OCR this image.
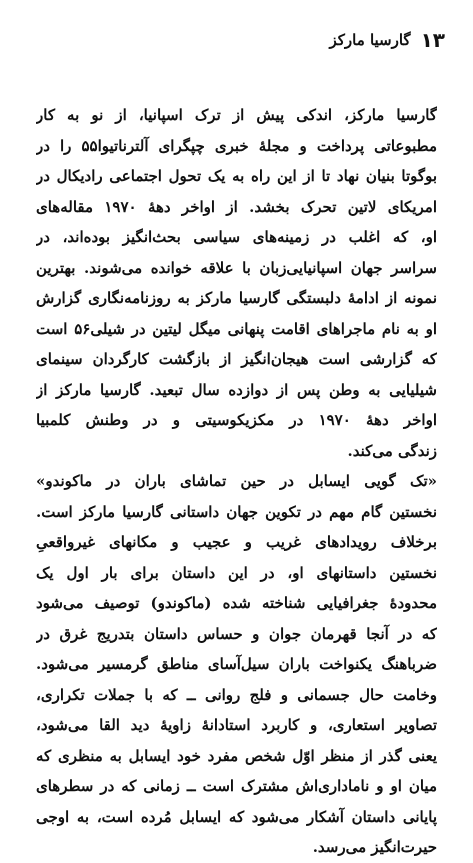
۱۳
گارسیا مارکز
گارسیا مارکز، اندکی پیش از ترک اسپانیا، از نو به کار
مطبوعاتی پرداخت و مجلهٔ خبری چپگرای آلترناتیوا۵۵ را در
بوگوتا بنیان نهاد تا از این راه به یک تحول اجتماعی رادیکال در
امریکای لاتین تحرک بخشد. از اواخر دههٔ ۱۹۷۰ مقاله‌های
او، که اغلب در زمینه‌های سیاسی بحث‌انگیز بوده‌اند، در
سراسر جهان اسپانیایی‌زبان با علاقه خوانده می‌شوند. بهترین
نمونه از ادامهٔ دلبستگی گارسیا مارکز به روزنامه‌نگاری گزارش
او به نام ماجراهای اقامت پنهانی میگل لیتین در شیلی۵۶ است
که گزارشی است هیجان‌انگیز از بازگشت کارگردان سینمای
شیلیایی به وطن پس از دوازده سال تبعید. گارسیا مارکز از
اواخر دههٔ ۱۹۷۰ در مکزیکوسیتی و در وطنش کلمبیا
زندگی می‌کند.
«تک گویی ایسابل در حین تماشای باران در ماکوندو»
نخستین گام مهم در تکوین جهان داستانی گارسیا مارکز است.
برخلاف رویدادهای غریب و عجیب و مکانهای غیرواقعیِ
نخستین داستانهای او، در این داستان برای بار اول یک
محدودهٔ جغرافیایی شناخته شده (ماکوندو) توصیف می‌شود
که در آنجا قهرمان جوان و حساس داستان بتدریج غرق در
ضرباهنگ یکنواخت باران سیل‌آسای مناطق گرمسیر می‌شود.
وخامت حال جسمانی و فلج روانی ــ که با جملات تکراری،
تصاویر استعاری، و کاربرد استادانهٔ زاویهٔ دید القا می‌شود،
یعنی گذر از منظر اوّل شخص مفرد خود ایسابل به منظری که
میان او و ناماداری‌اش مشترک است ــ زمانی که در سطرهای
پایانی داستان آشکار می‌شود که ایسابل مُرده است، به اوجی
حیرت‌انگیز می‌رسد.
